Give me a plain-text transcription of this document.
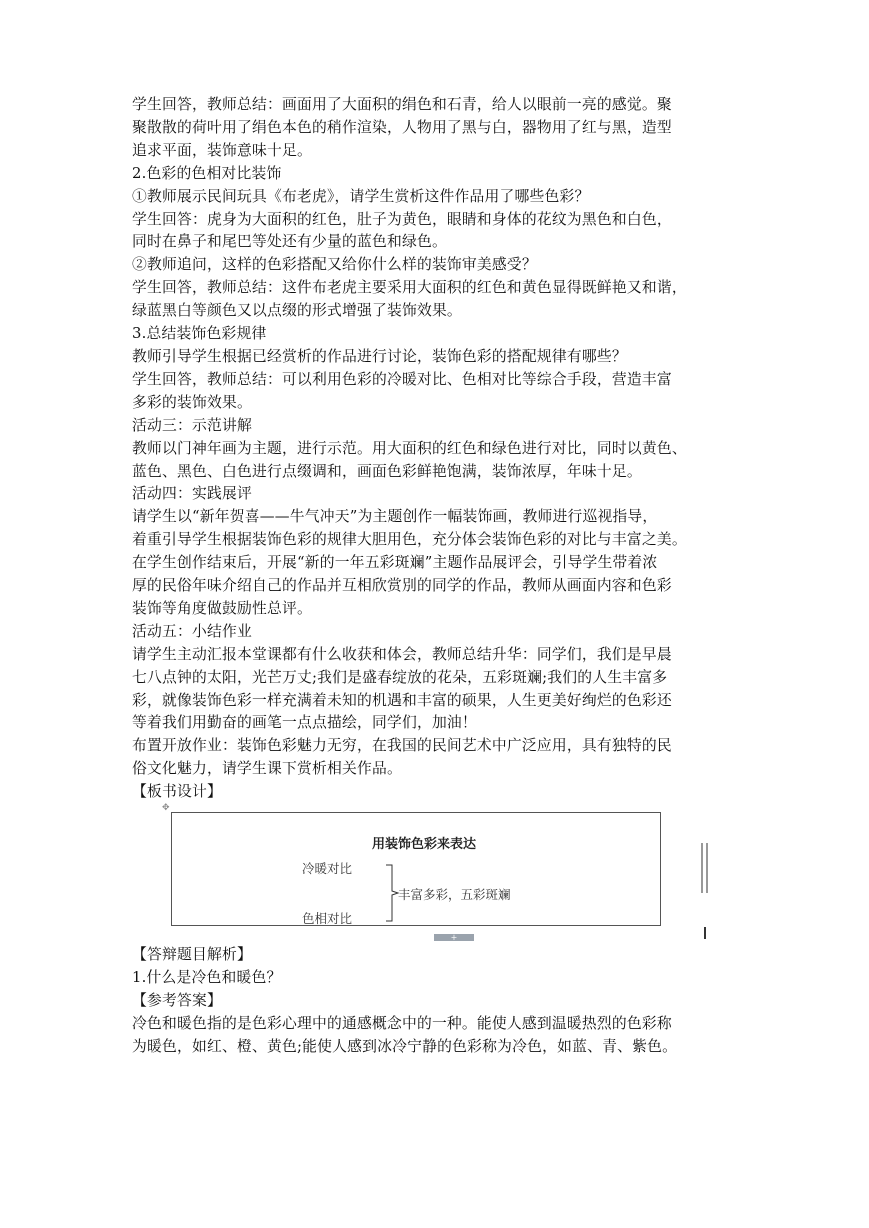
学生回答，教师总结：画面用了大面积的绢色和石青，给人以眼前一亮的感觉。聚

聚散散的荷叶用了绢色本色的稍作渲染，人物用了黑与白，器物用了红与黑，造型

追求平面，装饰意味十足。

2.色彩的色相对比装饰

①教师展示民间玩具《布老虎》，请学生赏析这件作品用了哪些色彩？

学生回答：虎身为大面积的红色，肚子为黄色，眼睛和身体的花纹为黑色和白色，

同时在鼻子和尾巴等处还有少量的蓝色和绿色。

②教师追问，这样的色彩搭配又给你什么样的装饰审美感受？

学生回答，教师总结：这件布老虎主要采用大面积的红色和黄色显得既鲜艳又和谐，

绿蓝黑白等颜色又以点缀的形式增强了装饰效果。

3.总结装饰色彩规律

教师引导学生根据已经赏析的作品进行讨论，装饰色彩的搭配规律有哪些？

学生回答，教师总结：可以利用色彩的冷暖对比、色相对比等综合手段，营造丰富

多彩的装饰效果。

活动三：示范讲解

教师以门神年画为主题，进行示范。用大面积的红色和绿色进行对比，同时以黄色、

蓝色、黑色、白色进行点缀调和，画面色彩鲜艳饱满，装饰浓厚，年味十足。

活动四：实践展评

请学生以“新年贺喜——牛气冲天”为主题创作一幅装饰画，教师进行巡视指导，

着重引导学生根据装饰色彩的规律大胆用色，充分体会装饰色彩的对比与丰富之美。

在学生创作结束后，开展“新的一年五彩斑斓”主题作品展评会，引导学生带着浓

厚的民俗年味介绍自己的作品并互相欣赏別的同学的作品，教师从画面内容和色彩

装饰等角度做鼓励性总评。

活动五：小结作业

请学生主动汇报本堂课都有什么收获和体会，教师总结升华：同学们，我们是早晨

七八点钟的太阳，光芒万丈;我们是盛春绽放的花朵，五彩斑斓;我们的人生丰富多

彩，就像装饰色彩一样充满着未知的机遇和丰富的硕果，人生更美好绚烂的色彩还

等着我们用勤奋的画笔一点点描绘，同学们，加油！

布置开放作业：装饰色彩魅力无穷，在我国的民间艺术中广泛应用，具有独特的民

俗文化魅力，请学生课下赏析相关作品。

【板书设计】

✥
用装饰色彩来表达
冷暖对比
色相对比
丰富多彩，五彩斑斓
+

【答辩题目解析】

1.什么是冷色和暖色？

【参考答案】

冷色和暖色指的是色彩心理中的通感概念中的一种。能使人感到温暖热烈的色彩称

为暖色，如红、橙、黄色;能使人感到冰冷宁静的色彩称为冷色，如蓝、青、紫色。
